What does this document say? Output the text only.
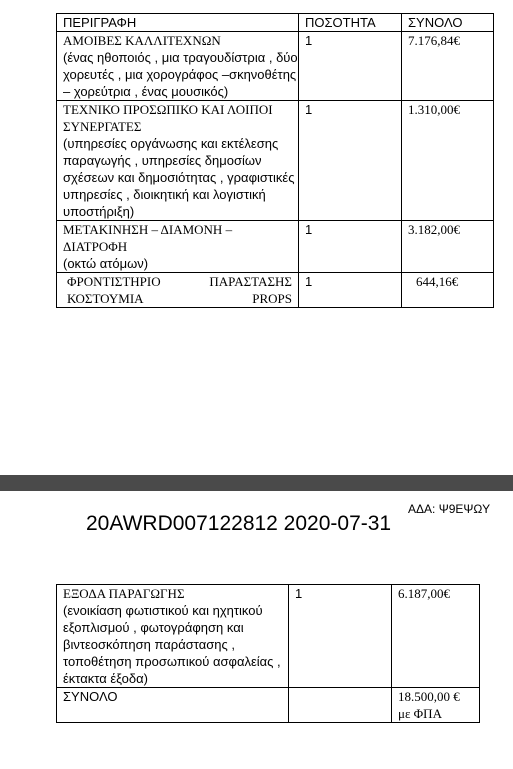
ΠΕΡΙΓΡΑΦΗ	ΠΟΣΟΤΗΤΑ	ΣΥΝΟΛΟ

ΑΜΟΙΒΕΣ ΚΑΛΛΙΤΕΧΝΩΝ
(ένας ηθοποιός , μια τραγουδίστρια , δύο χορευτές , μια χορογράφος –σκηνοθέτης – χορεύτρια , ένας μουσικός)	1	7.176,84€

ΤΕΧΝΙΚΟ ΠΡΟΣΩΠΙΚΟ ΚΑΙ ΛΟΙΠΟΙ ΣΥΝΕΡΓΑΤΕΣ
(υπηρεσίες οργάνωσης και εκτέλεσης παραγωγής , υπηρεσίες δημοσίων σχέσεων και δημοσιότητας , γραφιστικές υπηρεσίες , διοικητική και λογιστική υποστήριξη)	1	1.310,00€

ΜΕΤΑΚΙΝΗΣΗ – ΔΙΑΜΟΝΗ – ΔΙΑΤΡΟΦΗ
(οκτώ ατόμων)	1	3.182,00€

ΦΡΟΝΤΙΣΤΗΡΙΟ ΠΑΡΑΣΤΑΣΗΣ ΚΟΣΤΟΥΜΙΑ PROPS	1	644,16€
ΑΔΑ: Ψ9ΕΨΩΥ
20AWRD007122812 2020-07-31
ΕΞΟΔΑ ΠΑΡΑΓΩΓΗΣ
(ενοικίαση φωτιστικού και ηχητικού εξοπλισμού , φωτογράφηση και βιντεοσκόπηση παράστασης , τοποθέτηση προσωπικού ασφαλείας , έκτακτα έξοδα)	1	6.187,00€
ΣΥΝΟΛΟ		18.500,00 € με ΦΠΑ
